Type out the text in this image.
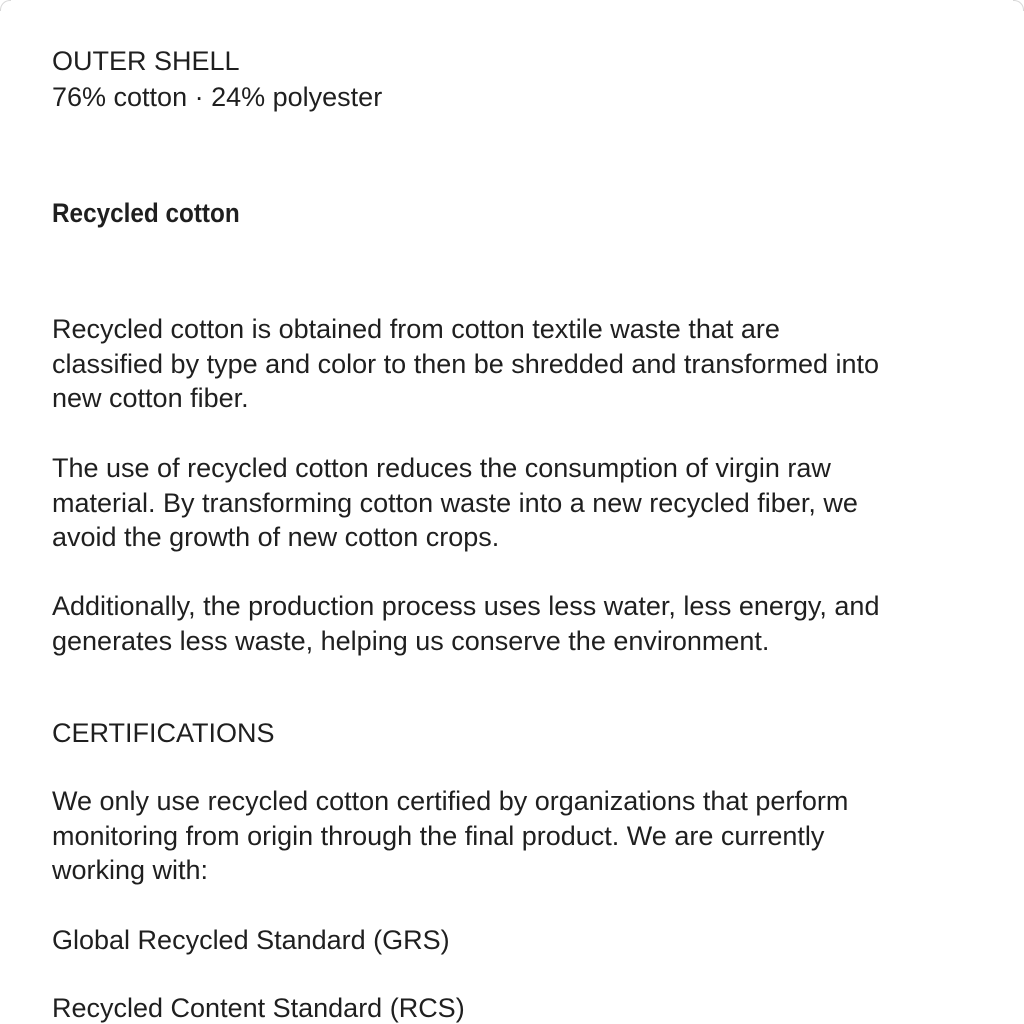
OUTER SHELL
76% cotton · 24% polyester
Recycled cotton
Recycled cotton is obtained from cotton textile waste that are
classified by type and color to then be shredded and transformed into
new cotton fiber.
The use of recycled cotton reduces the consumption of virgin raw
material. By transforming cotton waste into a new recycled fiber, we
avoid the growth of new cotton crops.
Additionally, the production process uses less water, less energy, and
generates less waste, helping us conserve the environment.
CERTIFICATIONS
We only use recycled cotton certified by organizations that perform
monitoring from origin through the final product. We are currently
working with:
Global Recycled Standard (GRS)
Recycled Content Standard (RCS)
